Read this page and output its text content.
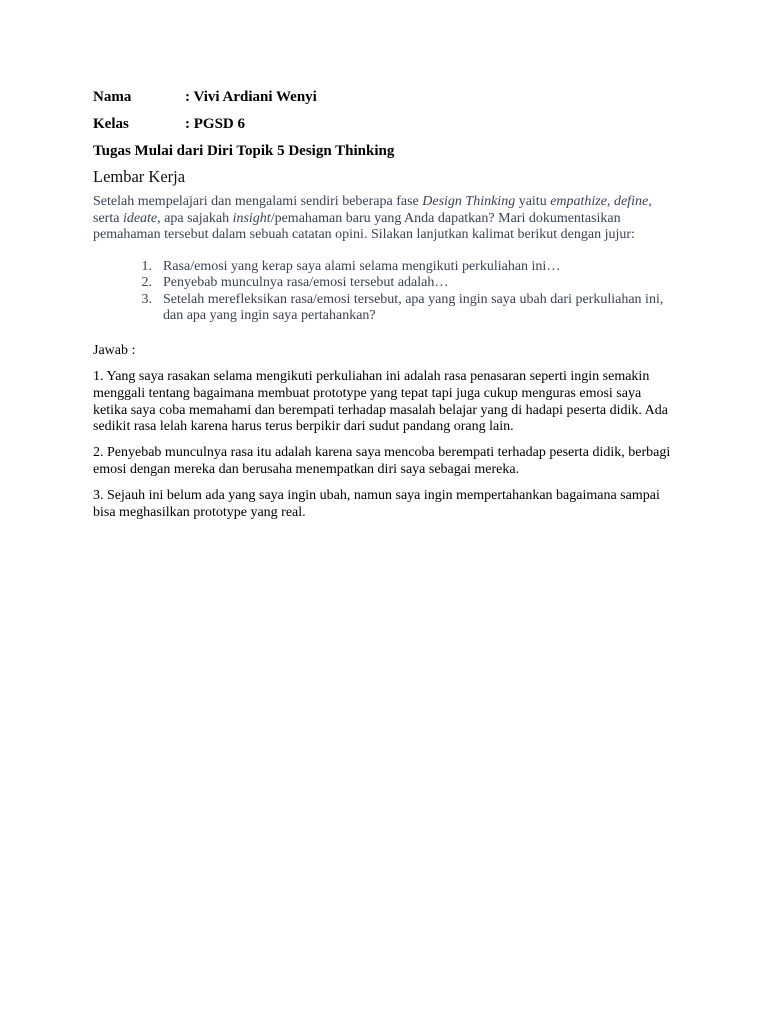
Nama	: Vivi Ardiani Wenyi
Kelas	: PGSD 6
Tugas Mulai dari Diri Topik 5 Design Thinking
Lembar Kerja

Setelah mempelajari dan mengalami sendiri beberapa fase Design Thinking yaitu empathize, define, serta ideate, apa sajakah insight/pemahaman baru yang Anda dapatkan? Mari dokumentasikan pemahaman tersebut dalam sebuah catatan opini. Silakan lanjutkan kalimat berikut dengan jujur:

1. Rasa/emosi yang kerap saya alami selama mengikuti perkuliahan ini…
2. Penyebab munculnya rasa/emosi tersebut adalah…
3. Setelah merefleksikan rasa/emosi tersebut, apa yang ingin saya ubah dari perkuliahan ini, dan apa yang ingin saya pertahankan?
Jawab :

1. Yang saya rasakan selama mengikuti perkuliahan ini adalah rasa penasaran seperti ingin semakin menggali tentang bagaimana membuat prototype yang tepat tapi juga cukup menguras emosi saya ketika saya coba memahami dan berempati terhadap masalah belajar yang di hadapi peserta didik. Ada sedikit rasa lelah karena harus terus berpikir dari sudut pandang orang lain.

2. Penyebab munculnya rasa itu adalah karena saya mencoba berempati terhadap peserta didik, berbagi emosi dengan mereka dan berusaha menempatkan diri saya sebagai mereka.

3. Sejauh ini belum ada yang saya ingin ubah, namun saya ingin mempertahankan bagaimana sampai bisa meghasilkan prototype yang real.
